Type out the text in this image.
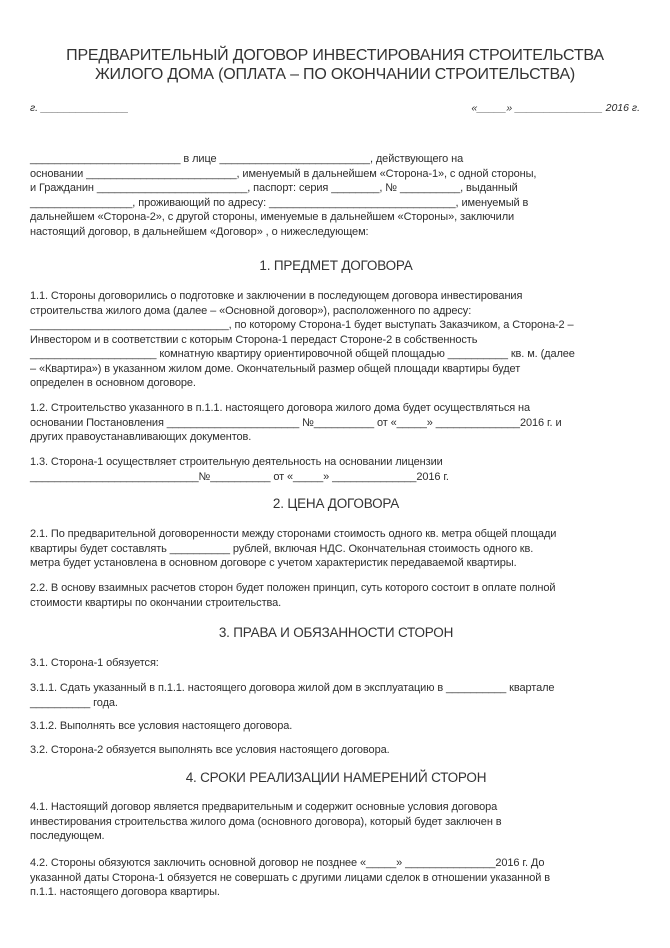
ПРЕДВАРИТЕЛЬНЫЙ ДОГОВОР ИНВЕСТИРОВАНИЯ СТРОИТЕЛЬСТВА
ЖИЛОГО ДОМА (ОПЛАТА – ПО ОКОНЧАНИИ СТРОИТЕЛЬСТВА)
г. _______________	«_____» _______________ 2016 г.
_________________________ в лице _________________________, действующего на
основании _________________________, именуемый в дальнейшем «Сторона-1», с одной стороны,
и Гражданин _________________________, паспорт: серия ________, № __________, выданный
_________________, проживающий по адресу: _______________________________, именуемый в
дальнейшем «Сторона-2», с другой стороны, именуемые в дальнейшем «Стороны», заключили
настоящий договор, в дальнейшем «Договор» , о нижеследующем:
1. ПРЕДМЕТ ДОГОВОРА
1.1. Стороны договорились о подготовке и заключении в последующем договора инвестирования
строительства жилого дома (далее – «Основной договор»), расположенного по адресу:
_________________________________, по которому Сторона-1 будет выступать Заказчиком, а Сторона-2 –
Инвестором и в соответствии с которым Сторона-1 передаст Стороне-2 в собственность
_____________________ комнатную квартиру ориентировочной общей площадью __________ кв. м. (далее
– «Квартира») в указанном жилом доме. Окончательный размер общей площади квартиры будет
определен в основном договоре.
1.2. Строительство указанного в п.1.1. настоящего договора жилого дома будет осуществляться на
основании Постановления ______________________ №__________ от «_____» ______________2016 г. и
других правоустанавливающих документов.
1.3. Сторона-1 осуществляет строительную деятельность на основании лицензии
____________________________№__________ от «_____» ______________2016 г.
2. ЦЕНА ДОГОВОРА
2.1. По предварительной договоренности между сторонами стоимость одного кв. метра общей площади
квартиры будет составлять __________ рублей, включая НДС. Окончательная стоимость одного кв.
метра будет установлена в основном договоре с учетом характеристик передаваемой квартиры.
2.2. В основу взаимных расчетов сторон будет положен принцип, суть которого состоит в оплате полной
стоимости квартиры по окончании строительства.
3. ПРАВА И ОБЯЗАННОСТИ СТОРОН
3.1. Сторона-1 обязуется:
3.1.1. Сдать указанный в п.1.1. настоящего договора жилой дом в эксплуатацию в __________ квартале
__________ года.
3.1.2. Выполнять все условия настоящего договора.
3.2. Сторона-2 обязуется выполнять все условия настоящего договора.
4. СРОКИ РЕАЛИЗАЦИИ НАМЕРЕНИЙ СТОРОН
4.1. Настоящий договор является предварительным и содержит основные условия договора
инвестирования строительства жилого дома (основного договора), который будет заключен в
последующем.
4.2. Стороны обязуются заключить основной договор не позднее «_____» _______________2016 г. До
указанной даты Сторона-1 обязуется не совершать с другими лицами сделок в отношении указанной в
п.1.1. настоящего договора квартиры.
